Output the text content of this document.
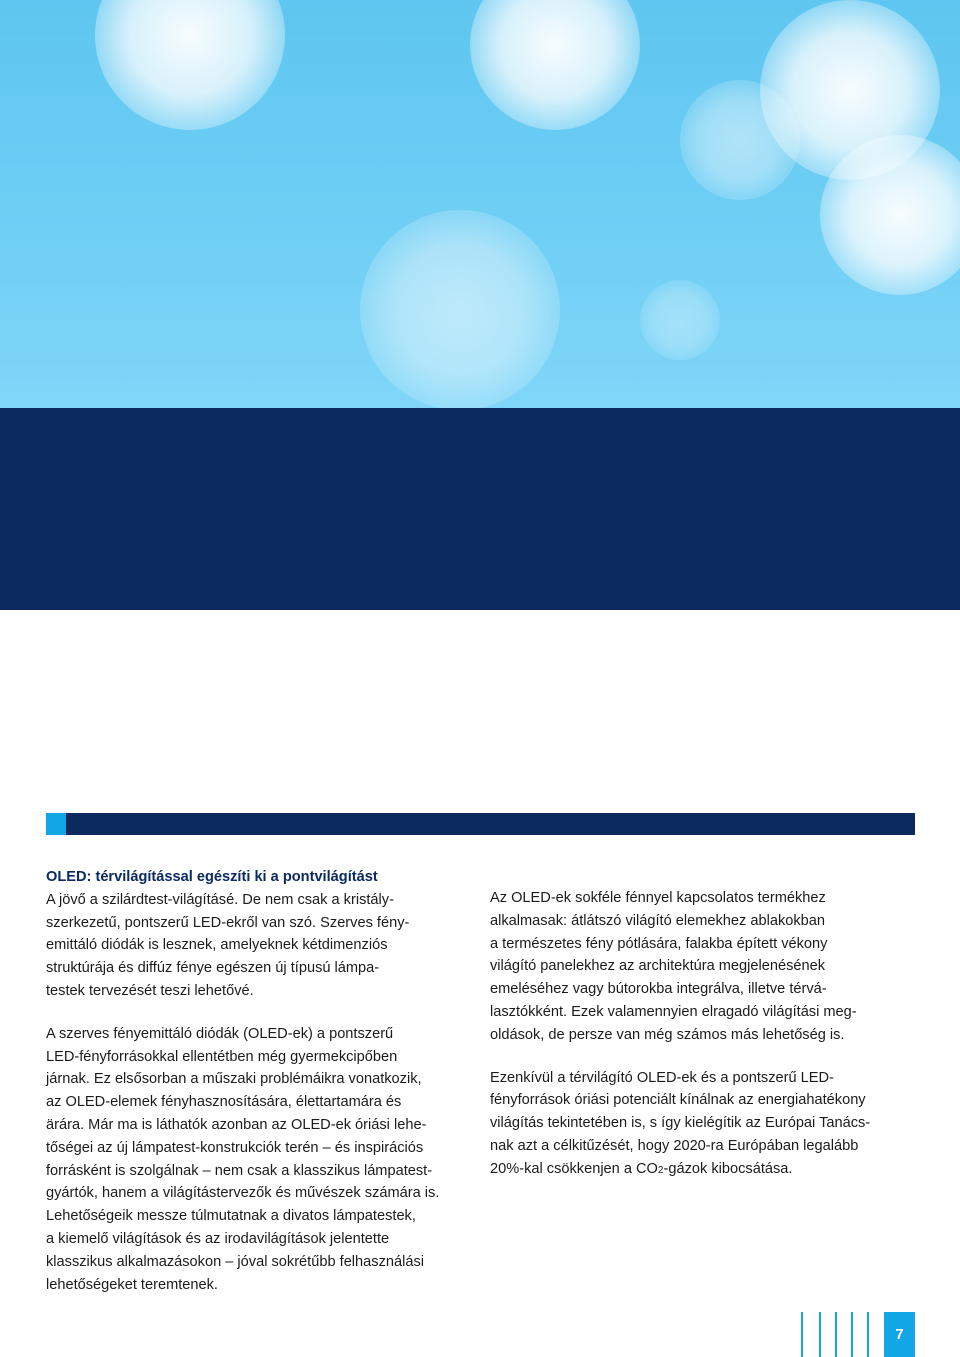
OLED: térvilágítással egészíti ki a pontvilágítást

A jövő a szilárdtest-világításé. De nem csak a kristály-
szerkezetű, pontszerű LED-ekről van szó. Szerves fény-
emittáló diódák is lesznek, amelyeknek kétdimenziós
struktúrája és diffúz fénye egészen új típusú lámpa-
testek tervezését teszi lehetővé.

A szerves fényemittáló diódák (OLED-ek) a pontszerű
LED-fényforrásokkal ellentétben még gyermekcipőben
járnak. Ez elsősorban a műszaki problémáikra vonatkozik,
az OLED-elemek fényhasznosítására, élettartamára és
ärára. Már ma is láthatók azonban az OLED-ek óriási lehe-
tőségei az új lámpatest-konstrukciók terén – és inspirációs
forrásként is szolgálnak – nem csak a klasszikus lámpatest-
gyártók, hanem a világítástervezők és művészek számára is.
Lehetőségeik messze túlmutatnak a divatos lámpatestek,
a kiemelő világítások és az irodavilágítások jelentette
klasszikus alkalmazásokon – jóval sokrétűbb felhasználási
lehetőségeket teremtenek.

Az OLED-ek sokféle fénnyel kapcsolatos termékhez
alkalmasak: átlátszó világító elemekhez ablakokban
a természetes fény pótlására, falakba épített vékony
világító panelekhez az architektúra megjelenésének
emeléséhez vagy bútorokba integrálva, illetve térvá-
lasztókként. Ezek valamennyien elragadó világítási meg-
oldások, de persze van még számos más lehetőség is.

Ezenkívül a térvilágító OLED-ek és a pontszerű LED-
fényforrások óriási potenciált kínálnak az energiahatékony
világítás tekintetében is, s így kielégítik az Európai Tanács-
nak azt a célkitűzését, hogy 2020-ra Európában legalább
20%-kal csökkenjen a CO2-gázok kibocsátása.

7
